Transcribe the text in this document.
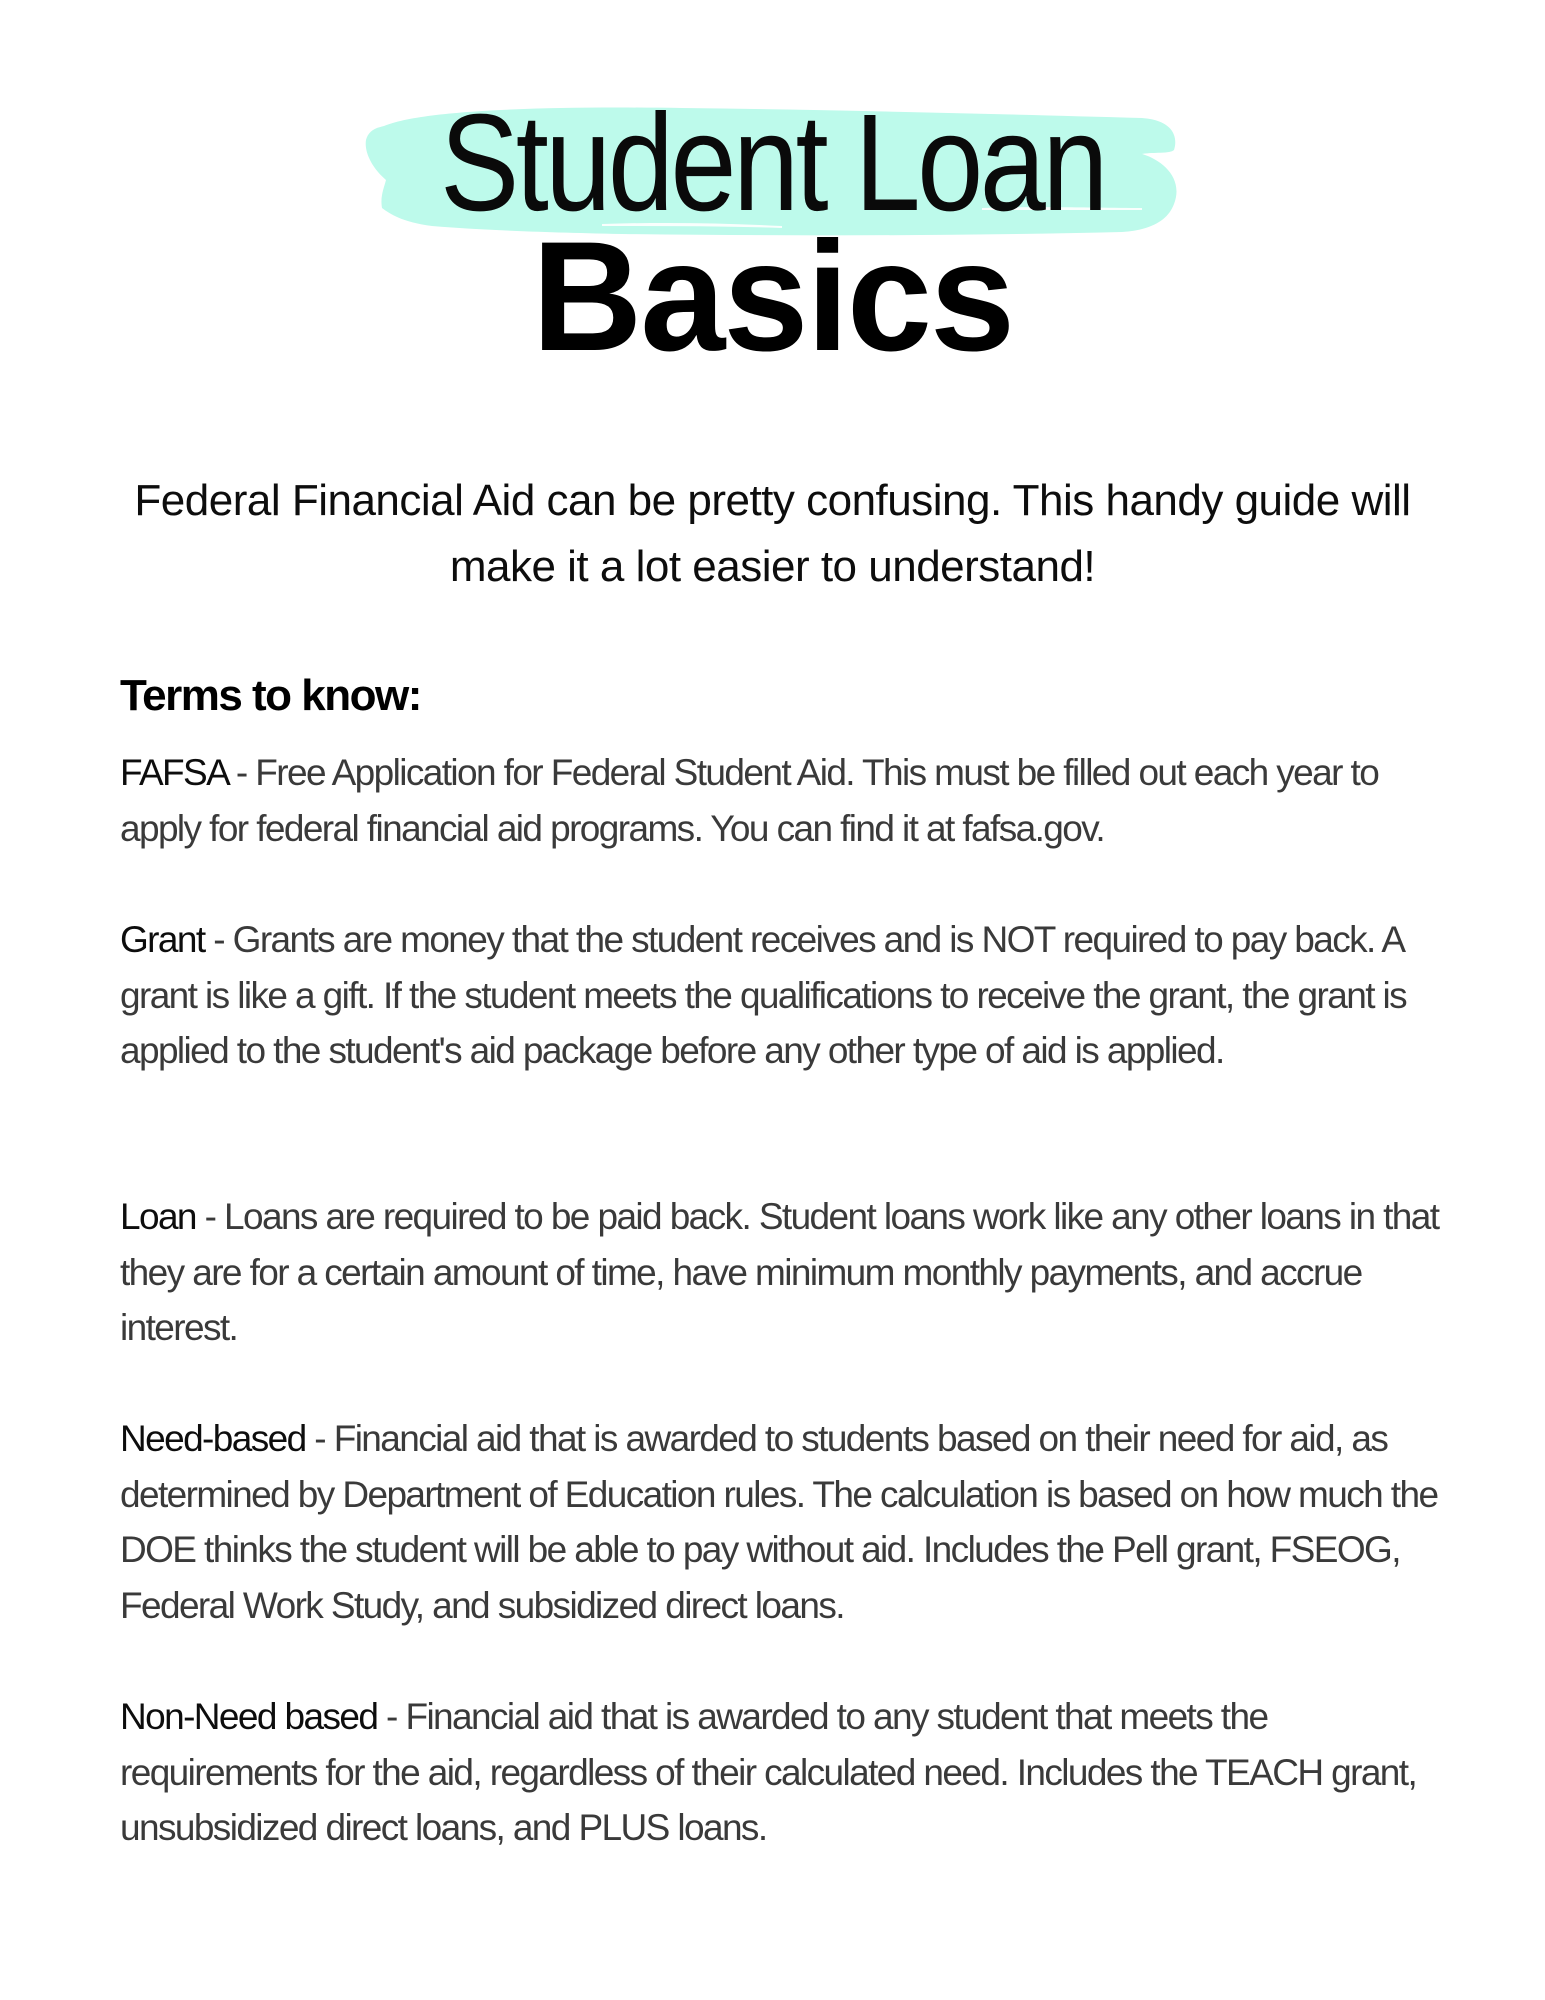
Student Loan
Basics

Federal Financial Aid can be pretty confusing. This handy guide will make it a lot easier to understand!

Terms to know:
FAFSA - Free Application for Federal Student Aid. This must be filled out each year to apply for federal financial aid programs. You can find it at fafsa.gov.
Grant - Grants are money that the student receives and is NOT required to pay back. A grant is like a gift. If the student meets the qualifications to receive the grant, the grant is applied to the student's aid package before any other type of aid is applied.
Loan - Loans are required to be paid back. Student loans work like any other loans in that they are for a certain amount of time, have minimum monthly payments, and accrue interest.
Need-based - Financial aid that is awarded to students based on their need for aid, as determined by Department of Education rules. The calculation is based on how much the DOE thinks the student will be able to pay without aid. Includes the Pell grant, FSEOG, Federal Work Study, and subsidized direct loans.
Non-Need based - Financial aid that is awarded to any student that meets the requirements for the aid, regardless of their calculated need. Includes the TEACH grant, unsubsidized direct loans, and PLUS loans.
